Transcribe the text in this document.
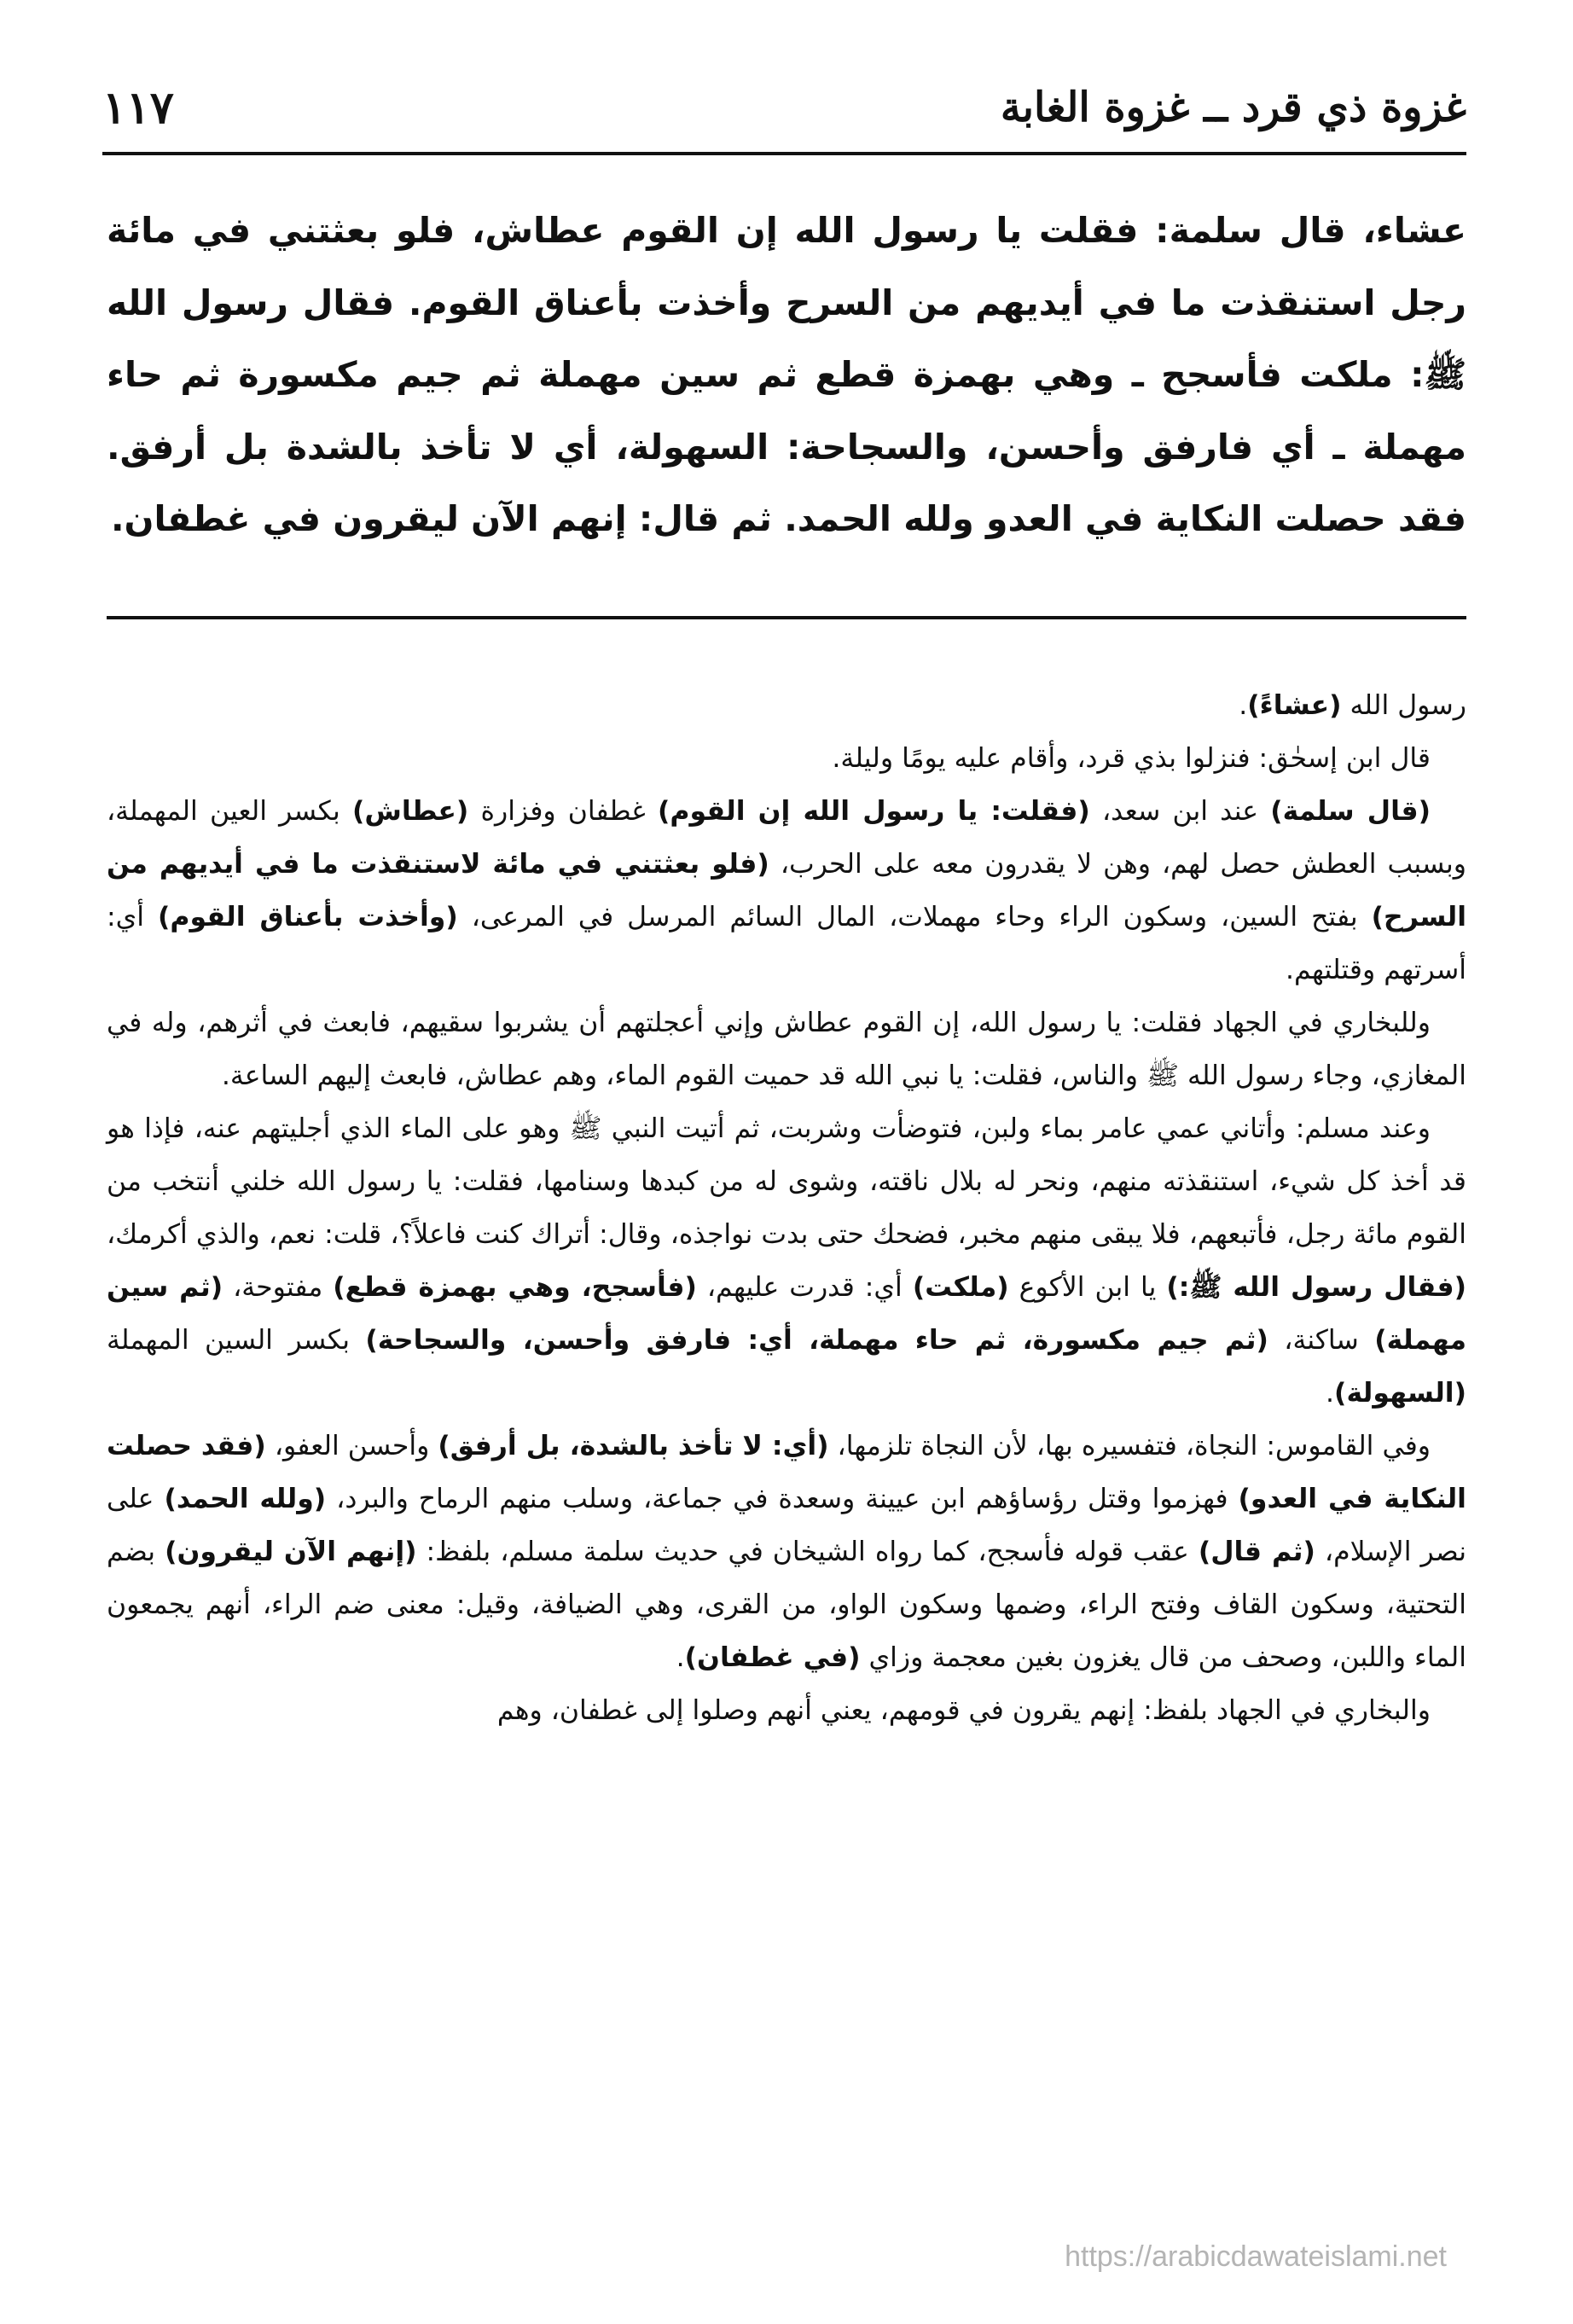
غزوة ذي قرد ــ غزوة الغابة
١١٧

عشاء، قال سلمة: فقلت يا رسول الله إن القوم عطاش، فلو بعثتني في مائة رجل استنقذت ما في أيديهم من السرح وأخذت بأعناق القوم. فقال رسول الله ﷺ: ملكت فأسجح ـ وهي بهمزة قطع ثم سين مهملة ثم جيم مكسورة ثم حاء مهملة ـ أي فارفق وأحسن، والسجاحة: السهولة، أي لا تأخذ بالشدة بل أرفق. فقد حصلت النكاية في العدو ولله الحمد. ثم قال: إنهم الآن ليقرون في غطفان.

رسول الله (عشاءً).

قال ابن إسحٰق: فنزلوا بذي قرد، وأقام عليه يومًا وليلة.

(قال سلمة) عند ابن سعد، (فقلت: يا رسول الله إن القوم) غطفان وفزارة (عطاش) بكسر العين المهملة، وبسبب العطش حصل لهم، وهن لا يقدرون معه على الحرب، (فلو بعثتني في مائة لاستنقذت ما في أيديهم من السرح) بفتح السين، وسكون الراء وحاء مهملات، المال السائم المرسل في المرعى، (وأخذت بأعناق القوم) أي: أسرتهم وقتلتهم.

وللبخاري في الجهاد فقلت: يا رسول الله، إن القوم عطاش وإني أعجلتهم أن يشربوا سقيهم، فابعث في أثرهم، وله في المغازي، وجاء رسول الله ﷺ والناس، فقلت: يا نبي الله قد حميت القوم الماء، وهم عطاش، فابعث إليهم الساعة.

وعند مسلم: وأتاني عمي عامر بماء ولبن، فتوضأت وشربت، ثم أتيت النبي ﷺ وهو على الماء الذي أجليتهم عنه، فإذا هو قد أخذ كل شيء، استنقذته منهم، ونحر له بلال ناقته، وشوى له من كبدها وسنامها، فقلت: يا رسول الله خلني أنتخب من القوم مائة رجل، فأتبعهم، فلا يبقى منهم مخبر، فضحك حتى بدت نواجذه، وقال: أتراك كنت فاعلاً؟، قلت: نعم، والذي أكرمك، (فقال رسول الله ﷺ:) يا ابن الأكوع (ملكت) أي: قدرت عليهم، (فأسجح، وهي بهمزة قطع) مفتوحة، (ثم سين مهملة) ساكنة، (ثم جيم مكسورة، ثم حاء مهملة، أي: فارفق وأحسن، والسجاحة) بكسر السين المهملة (السهولة).

وفي القاموس: النجاة، فتفسيره بها، لأن النجاة تلزمها، (أي: لا تأخذ بالشدة، بل أرفق) وأحسن العفو، (فقد حصلت النكاية في العدو) فهزموا وقتل رؤساؤهم ابن عيينة وسعدة في جماعة، وسلب منهم الرماح والبرد، (ولله الحمد) على نصر الإسلام، (ثم قال) عقب قوله فأسجح، كما رواه الشيخان في حديث سلمة مسلم، بلفظ: (إنهم الآن ليقرون) بضم التحتية، وسكون القاف وفتح الراء، وضمها وسكون الواو، من القرى، وهي الضيافة، وقيل: معنى ضم الراء، أنهم يجمعون الماء واللبن، وصحف من قال يغزون بغين معجمة وزاي (في غطفان).

والبخاري في الجهاد بلفظ: إنهم يقرون في قومهم، يعني أنهم وصلوا إلى غطفان، وهم

https://arabicdawateislami.net
